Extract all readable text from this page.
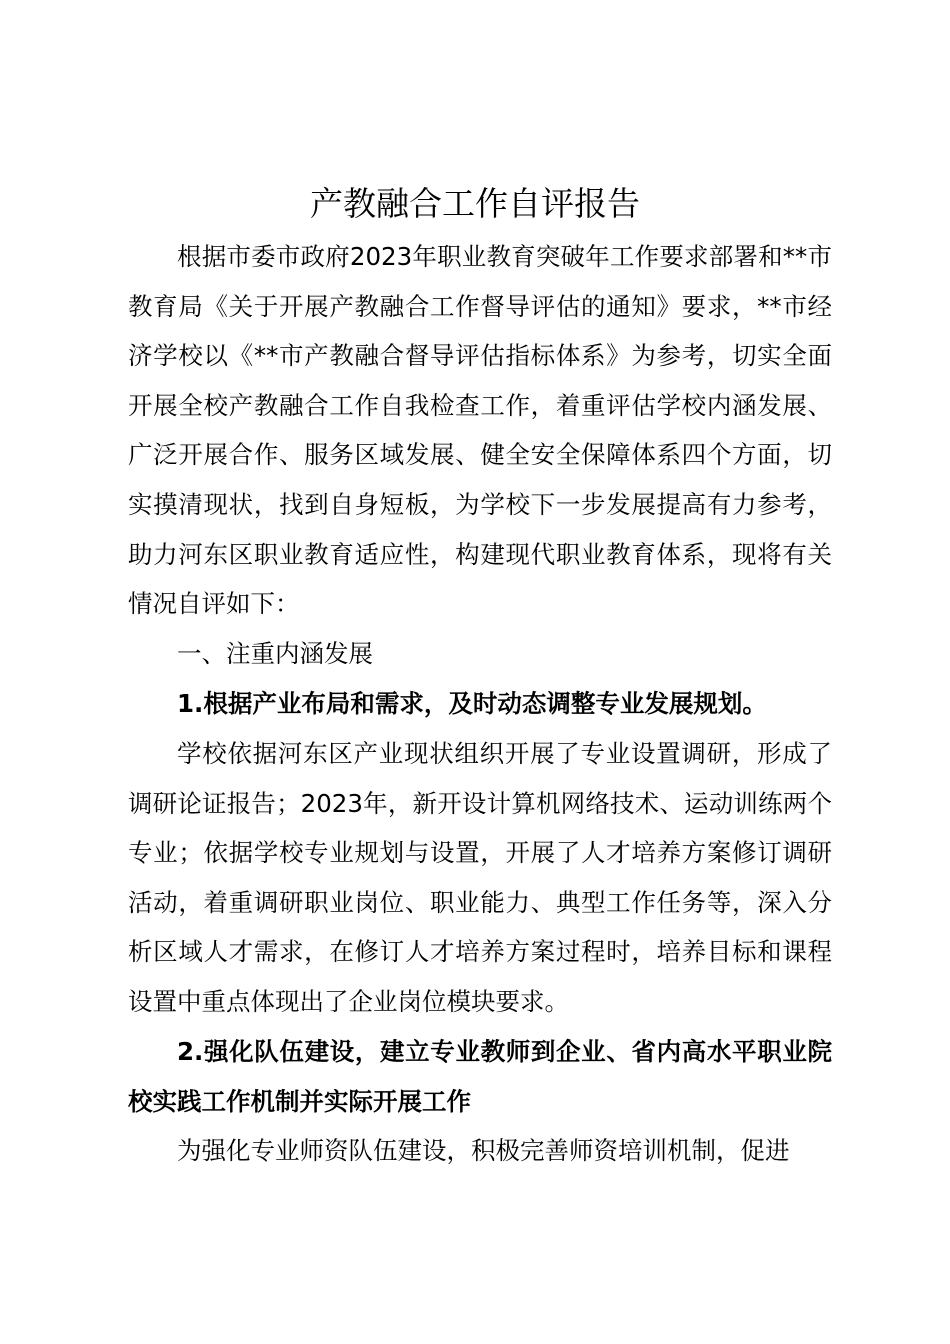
产教融合工作自评报告

根据市委市政府2023年职业教育突破年工作要求部署和**市教育局《关于开展产教融合工作督导评估的通知》要求，**市经济学校以《**市产教融合督导评估指标体系》为参考，切实全面开展全校产教融合工作自我检查工作，着重评估学校内涵发展、广泛开展合作、服务区域发展、健全安全保障体系四个方面，切实摸清现状，找到自身短板，为学校下一步发展提高有力参考，助力河东区职业教育适应性，构建现代职业教育体系，现将有关情况自评如下：

一、注重内涵发展

1.根据产业布局和需求，及时动态调整专业发展规划。

学校依据河东区产业现状组织开展了专业设置调研，形成了调研论证报告；2023年，新开设计算机网络技术、运动训练两个专业；依据学校专业规划与设置，开展了人才培养方案修订调研活动，着重调研职业岗位、职业能力、典型工作任务等，深入分析区域人才需求，在修订人才培养方案过程时，培养目标和课程设置中重点体现出了企业岗位模块要求。

2.强化队伍建设，建立专业教师到企业、省内高水平职业院校实践工作机制并实际开展工作

为强化专业师资队伍建设，积极完善师资培训机制，促进
